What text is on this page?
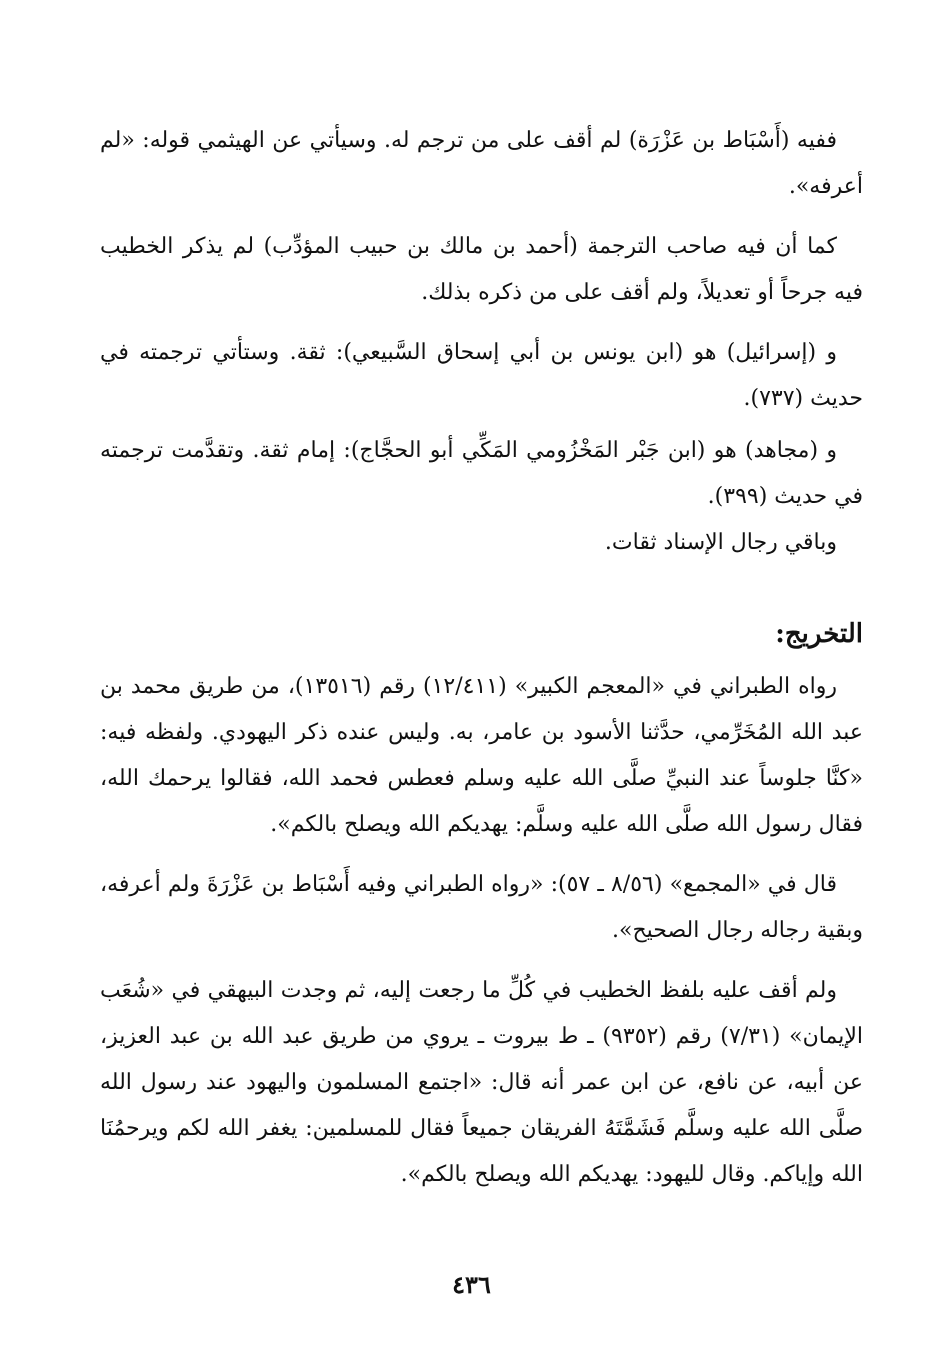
ففيه (أَسْبَاط بن عَزْرَة) لم أقف على من ترجم له. وسيأتي عن الهيثمي قوله: «لم أعرفه».

كما أن فيه صاحب الترجمة (أحمد بن مالك بن حبيب المؤدِّب) لم يذكر الخطيب فيه جرحاً أو تعديلاً، ولم أقف على من ذكره بذلك.

و (إسرائيل) هو (ابن يونس بن أبي إسحاق السَّبيعي): ثقة. وستأتي ترجمته في حديث (٧٣٧).

و (مجاهد) هو (ابن جَبْر المَخْزُومي المَكِّي أبو الحجَّاج): إمام ثقة. وتقدَّمت ترجمته في حديث (٣٩٩).

وباقي رجال الإسناد ثقات.

التخريج:

رواه الطبراني في «المعجم الكبير» (١٢/٤١١) رقم (١٣٥١٦)، من طريق محمد بن عبد الله المُخَرِّمي، حدَّثنا الأسود بن عامر، به. وليس عنده ذكر اليهودي. ولفظه فيه: «كنَّا جلوساً عند النبيِّ صلَّى الله عليه وسلم فعطس فحمد الله، فقالوا يرحمك الله، فقال رسول الله صلَّى الله عليه وسلَّم: يهديكم الله ويصلح بالكم».

قال في «المجمع» (٨/٥٦ ـ ٥٧): «رواه الطبراني وفيه أَسْبَاط بن عَزْرَةَ ولم أعرفه، وبقية رجاله رجال الصحيح».

ولم أقف عليه بلفظ الخطيب في كُلِّ ما رجعت إليه، ثم وجدت البيهقي في «شُعَب الإيمان» (٧/٣١) رقم (٩٣٥٢) ـ ط بيروت ـ يروي من طريق عبد الله بن عبد العزيز، عن أبيه، عن نافع، عن ابن عمر أنه قال: «اجتمع المسلمون واليهود عند رسول الله صلَّى الله عليه وسلَّم فَشَمَّتَهُ الفريقان جميعاً فقال للمسلمين: يغفر الله لكم ويرحمُنَا الله وإياكم. وقال لليهود: يهديكم الله ويصلح بالكم».

٤٣٦
